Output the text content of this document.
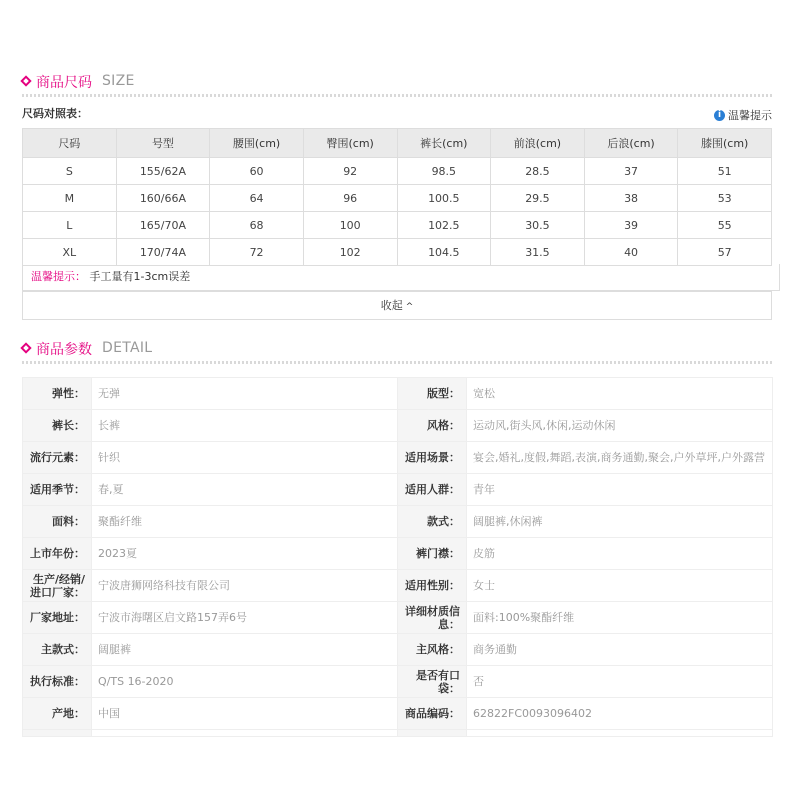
商品尺码 SIZE
尺码对照表：	i 温馨提示
尺码	号型	腰围(cm)	臀围(cm)	裤长(cm)	前浪(cm)	后浪(cm)	膝围(cm)
S	155/62A	60	92	98.5	28.5	37	51
M	160/66A	64	96	100.5	29.5	38	53
L	165/70A	68	100	102.5	30.5	39	55
XL	170/74A	72	102	104.5	31.5	40	57
温馨提示： 手工量有1-3cm误差
收起 ^
商品参数 DETAIL
弹性：	无弹	版型：	宽松
裤长：	长裤	风格：	运动风,街头风,休闲,运动休闲
流行元素：	针织	适用场景：	宴会,婚礼,度假,舞蹈,表演,商务通勤,聚会,户外草坪,户外露营
适用季节：	春,夏	适用人群：	青年
面料：	聚酯纤维	款式：	阔腿裤,休闲裤
上市年份：	2023夏	裤门襟：	皮筋
生产/经销/进口厂家：	宁波唐狮网络科技有限公司	适用性别：	女士
厂家地址：	宁波市海曙区启文路157弄6号	详细材质信息：	面料:100%聚酯纤维
主款式：	阔腿裤	主风格：	商务通勤
执行标准：	Q/TS 16-2020	是否有口袋：	否
产地：	中国	商品编码：	62822FC0093096402
